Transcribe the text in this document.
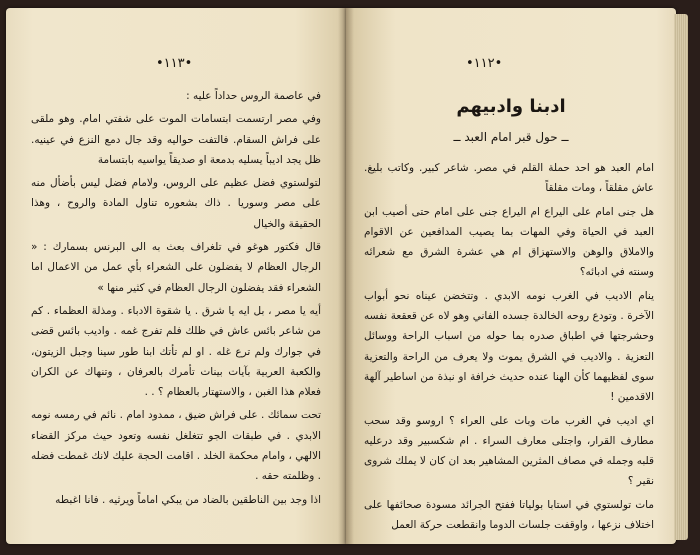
•١١٣•

في عاصمة الروس حداداً عليه :

وفي مصر ارتسمت ابتسامات الموت على شفتي امام. وهو ملقى على فراش السقام. فالتفت حواليه وقد جال دمع النزع في عينيه. ظل يجد اديباً يسليه بدمعة او صديقاً يواسيه بابتسامة

لتولستوي فضل عظيم على الروس، ولامام فضل ليس بأضأل منه على مصر وسوريا . ذاك بشعوره تناول المادة والروح ، وهذا الحقيقة والخيال

قال فكتور هوغو في تلغراف بعث به الى البرنس بسمارك : « الرجال العظام لا يفضلون على الشعراء بأي عمل من الاعمال اما الشعراء فقد يفضلون الرجال العظام في كثير منها »

أيه يا مصر ، بل ايه يا شرق . يا شقوة الادباء . ومذلة العظماء . كم من شاعر بائس عاش في ظلك فلم تفرج غمه . واديب بائس قضى في جوارك ولم ترع غله . او لم تأتك ابنا طور سينا وجبل الزيتون، والكعبة العربية بآيات بينات تأمرك بالعرفان ، وتنهاك عن الكران فعلام هذا الغبن ، والاستهتار بالعظام ؟ . .

تحت سمائك . على فراش ضيق ، ممدود امام . نائم في رمسه نومه الابدي . في طبقات الجو تتغلغل نفسه وتعود حيث مركز القضاء الالهي ، وامام محكمة الخلد . اقامت الحجة عليك لانك غمطت فضله . وظلمته حقه .

اذا وجد بين الناطقين بالضاد من يبكي اماماً ويرثيه . فانا اغبطه

•١١٢•
ادبنا وادبيهم
ــ حول قبر امام العبد ــ

امام العبد هو احد حملة القلم في مصر. شاعر كبير. وكاتب بليغ. عاش مقلقاً ، ومات مقلقاً

هل جنى امام على اليراع ام اليراع جنى على امام حتى أصيب ابن العبد في الحياة وفي المهات بما يصيب المدافعين عن الاقوام والاملاق والوهن والاستهزاق ام هي عشرة الشرق مع شعرائه وسنته في ادبائه؟

ينام الاديب في الغرب نومه الابدي . وتتخضن عيناه نحو أبواب الآخرة . وتودع روحه الخالدة جسده الفاني وهو لاه عن قعقعة نفسه وحشرجتها في اطباق صدره بما حوله من اسباب الراحة ووسائل التعزية . والاديب في الشرق يموت ولا يعرف من الراحة والتعزية سوى لفظيهما كأن الهنا عنده حديث خرافة او نبذة من اساطير آلهة الاقدمين !

اي اديب في الغرب مات وبات على العراء ؟ اروسو وقد سحب مطارف القرار، واجتلى معارف السراء . ام شكسبير وقد درعليه قلبه وجمله في مصاف المثرين المشاهير بعد ان كان لا يملك شروى نقير ؟

مات تولستوي في استابا بولياتا ففتح الجرائد مسودة صحائفها على اختلاف نزعها ، واوقفت جلسات الدوما وانقطعت حركة العمل
